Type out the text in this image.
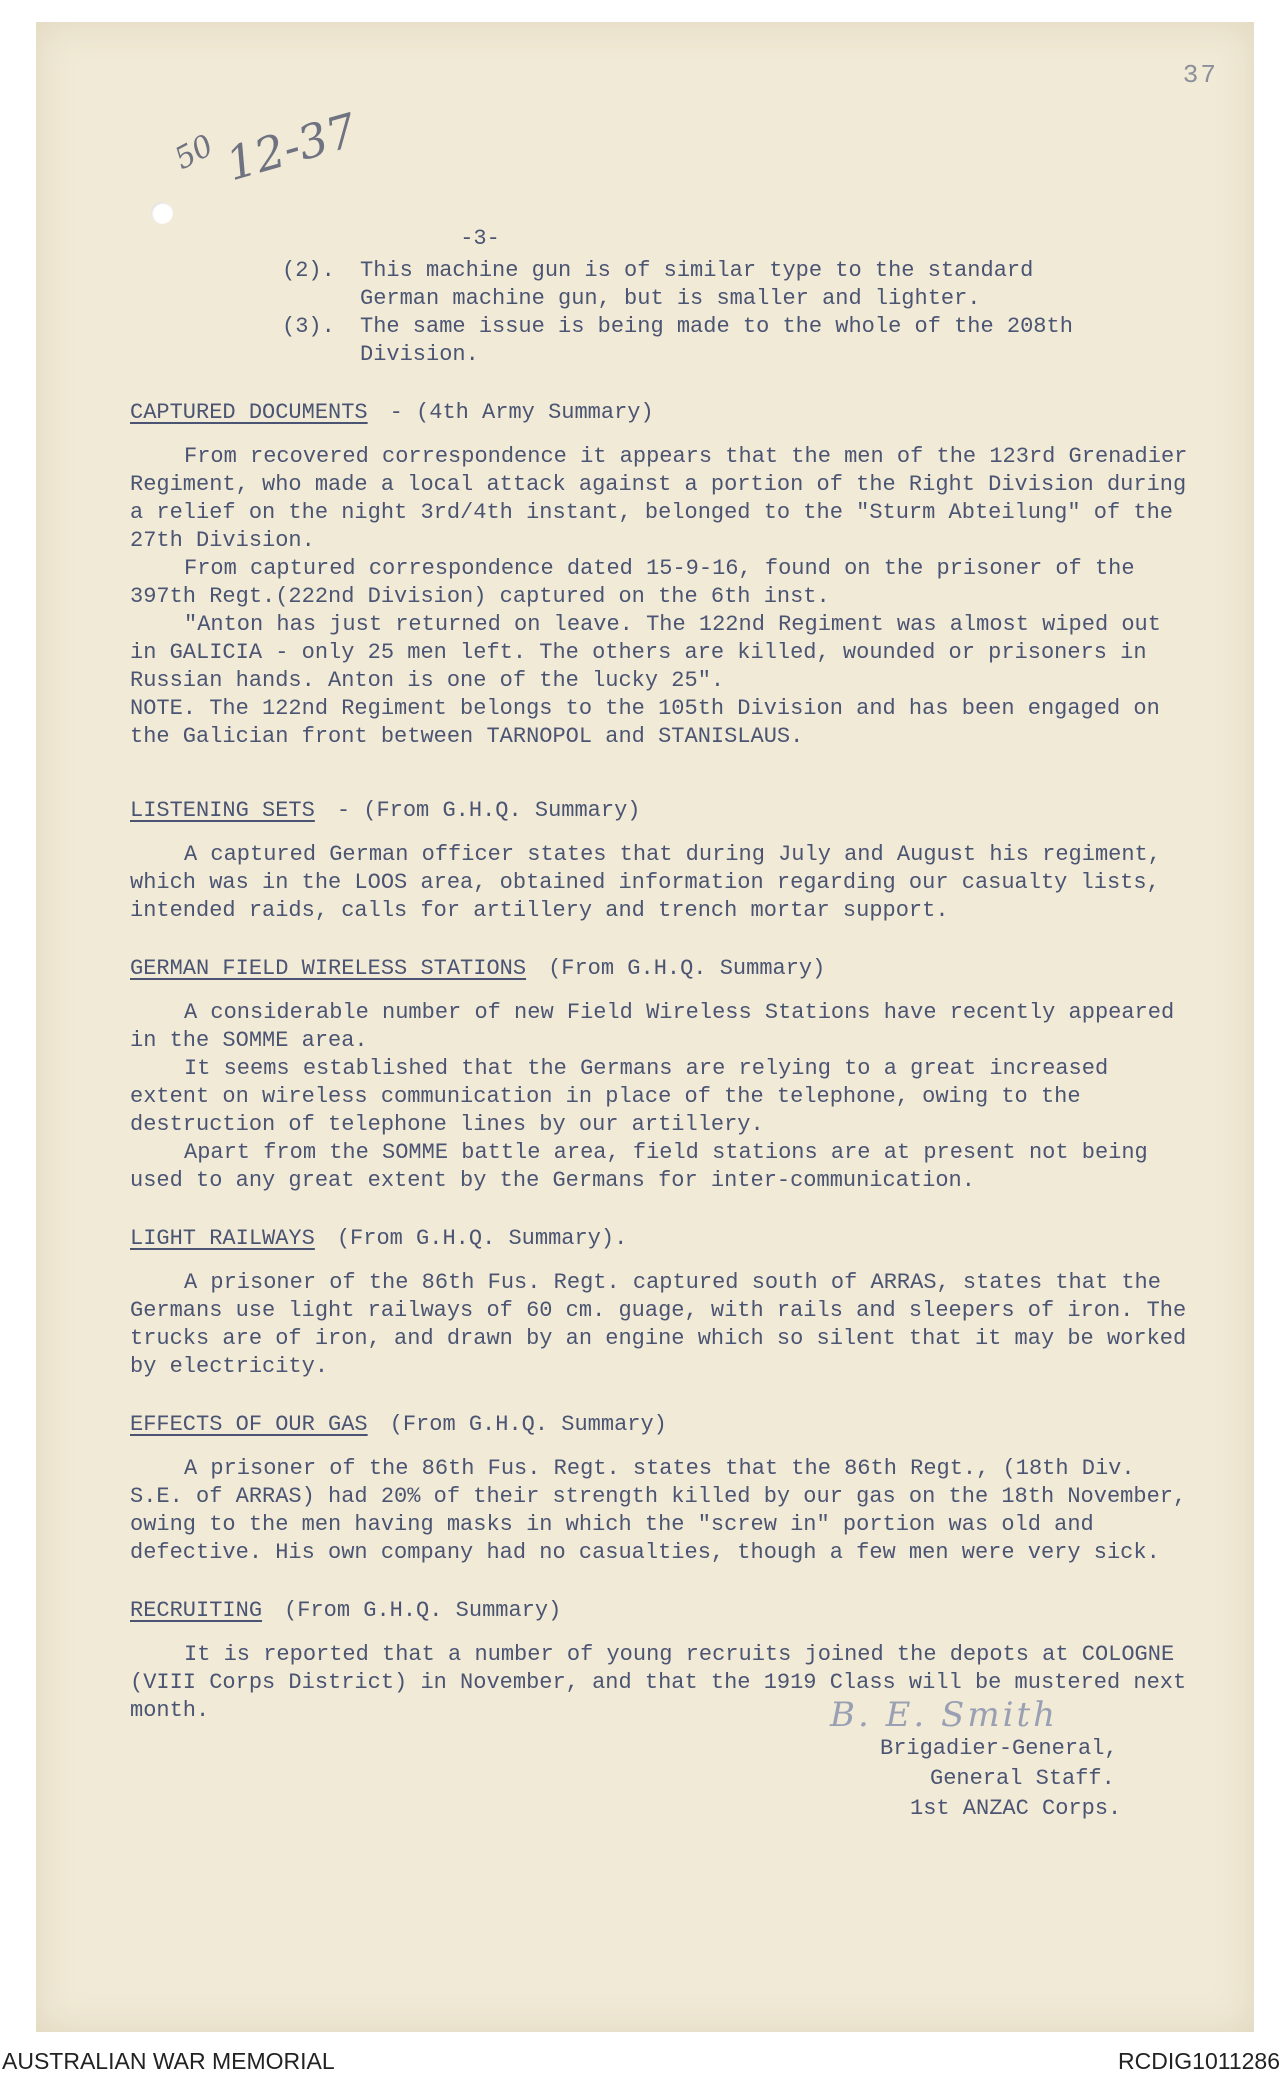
37
50 12-37
-3-
(2).	This machine gun is of similar type to the standard German machine gun, but is smaller and lighter.
(3).	The same issue is being made to the whole of the 208th Division.
CAPTURED DOCUMENTS - (4th Army Summary)
From recovered correspondence it appears that the men of the 123rd Grenadier Regiment, who made a local attack against a portion of the Right Division during a relief on the night 3rd/4th instant, belonged to the "Sturm Abteilung" of the 27th Division.
From captured correspondence dated 15-9-16, found on the prisoner of the 397th Regt.(222nd Division) captured on the 6th inst.
"Anton has just returned on leave. The 122nd Regiment was almost wiped out in GALICIA - only 25 men left. The others are killed, wounded or prisoners in Russian hands. Anton is one of the lucky 25".
NOTE. The 122nd Regiment belongs to the 105th Division and has been engaged on the Galician front between TARNOPOL and STANISLAUS.
LISTENING SETS - (From G.H.Q. Summary)
A captured German officer states that during July and August his regiment, which was in the LOOS area, obtained information regarding our casualty lists, intended raids, calls for artillery and trench mortar support.
GERMAN FIELD WIRELESS STATIONS (From G.H.Q. Summary)
A considerable number of new Field Wireless Stations have recently appeared in the SOMME area.
It seems established that the Germans are relying to a great increased extent on wireless communication in place of the telephone, owing to the destruction of telephone lines by our artillery.
Apart from the SOMME battle area, field stations are at present not being used to any great extent by the Germans for inter-communication.
LIGHT RAILWAYS (From G.H.Q. Summary).
A prisoner of the 86th Fus. Regt. captured south of ARRAS, states that the Germans use light railways of 60 cm. guage, with rails and sleepers of iron. The trucks are of iron, and drawn by an engine which so silent that it may be worked by electricity.
EFFECTS OF OUR GAS (From G.H.Q. Summary)
A prisoner of the 86th Fus. Regt. states that the 86th Regt., (18th Div. S.E. of ARRAS) had 20% of their strength killed by our gas on the 18th November, owing to the men having masks in which the "screw in" portion was old and defective. His own company had no casualties, though a few men were very sick.
RECRUITING (From G.H.Q. Summary)
It is reported that a number of young recruits joined the depots at COLOGNE (VIII Corps District) in November, and that the 1919 Class will be mustered next month.	B. E. Smith
Brigadier-General,
General Staff.
1st ANZAC Corps.
AUSTRALIAN WAR MEMORIAL	RCDIG1011286
